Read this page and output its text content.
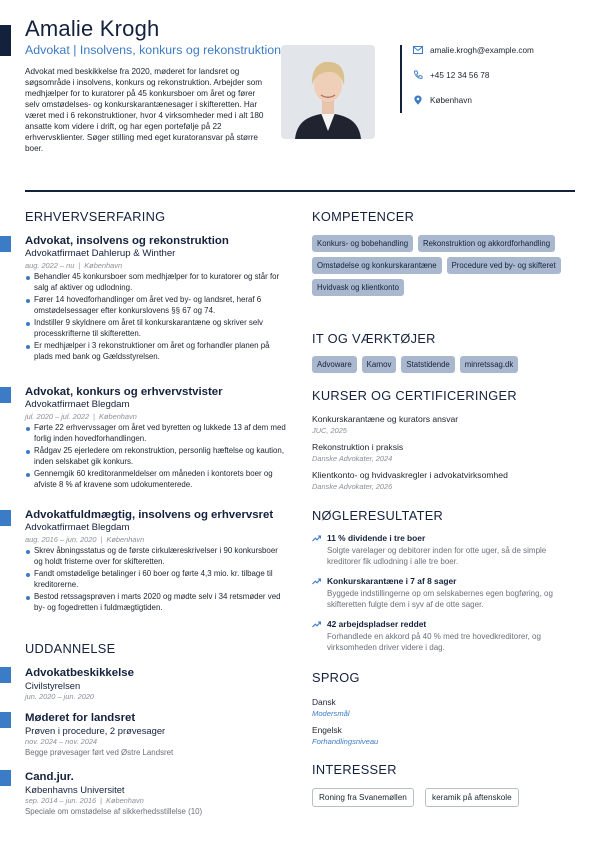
Amalie Krogh
Advokat | Insolvens, konkurs og rekonstruktion
Advokat med beskikkelse fra 2020, møderet for landsret og søgsområde i insolvens, konkurs og rekonstruktion. Arbejder som medhjælper for to kuratorer på 45 konkursboer om året og fører selv omstødelses- og konkurskarantænesager i skifteretten. Har været med i 6 rekonstruktioner, hvor 4 virksomheder med i alt 180 ansatte kom videre i drift, og har egen portefølje på 22 erhvervsklienter. Søger stilling med eget kuratoransvar på større boer.
amalie.krogh@example.com
+45 12 34 56 78
København
ERHVERVSERFARING
Advokat, insolvens og rekonstruktion
Advokatfirmaet Dahlerup & Winther
aug. 2022 – nu | København
Behandler 45 konkursboer som medhjælper for to kuratorer og står for salg af aktiver og udlodning.
Fører 14 hovedforhandlinger om året ved by- og landsret, heraf 6 omstødelsessager efter konkurslovens §§ 67 og 74.
Indstiller 9 skyldnere om året til konkurskarantæne og skriver selv processkrifterne til skifteretten.
Er medhjælper i 3 rekonstruktioner om året og forhandler planen på plads med bank og Gældsstyrelsen.
Advokat, konkurs og erhvervstvister
Advokatfirmaet Blegdam
jul. 2020 – jul. 2022 | København
Førte 22 erhvervssager om året ved byretten og lukkede 13 af dem med forlig inden hovedforhandlingen.
Rådgav 25 ejerledere om rekonstruktion, personlig hæftelse og kaution, inden selskabet gik konkurs.
Gennemgik 60 kreditoranmeldelser om måneden i kontorets boer og afviste 8 % af kravene som udokumenterede.
Advokatfuldmægtig, insolvens og erhvervsret
Advokatfirmaet Blegdam
aug. 2016 – jun. 2020 | København
Skrev åbningsstatus og de første cirkulæreskrivelser i 90 konkursboer og holdt fristerne over for skifteretten.
Fandt omstødelige betalinger i 60 boer og førte 4,3 mio. kr. tilbage til kreditorerne.
Bestod retssagsprøven i marts 2020 og mødte selv i 34 retsmøder ved by- og fogedretten i fuldmægtigtiden.
UDDANNELSE
Advokatbeskikkelse
Civilstyrelsen
jun. 2020 – jun. 2020
Møderet for landsret
Prøven i procedure, 2 prøvesager
nov. 2024 – nov. 2024
Begge prøvesager ført ved Østre Landsret
Cand.jur.
Københavns Universitet
sep. 2014 – jun. 2016 | København
Speciale om omstødelse af sikkerhedsstillelse (10)
KOMPETENCER
Konkurs- og bobehandling	Rekonstruktion og akkordforhandling
Omstødelse og konkurskarantæne	Procedure ved by- og skifteret
Hvidvask og klientkonto
IT OG VÆRKTØJER
Advoware	Karnov	Statstidende	minretssag.dk
KURSER OG CERTIFICERINGER
Konkurskarantæne og kurators ansvar
JUC, 2025
Rekonstruktion i praksis
Danske Advokater, 2024
Klientkonto- og hvidvaskregler i advokatvirksomhed
Danske Advokater, 2026
NØGLERESULTATER
11 % dividende i tre boer
Solgte varelager og debitorer inden for otte uger, så de simple kreditorer fik udlodning i alle tre boer.
Konkurskarantæne i 7 af 8 sager
Byggede indstillingerne op om selskabernes egen bogføring, og skifteretten fulgte dem i syv af de otte sager.
42 arbejdspladser reddet
Forhandlede en akkord på 40 % med tre hovedkreditorer, og virksomheden driver videre i dag.
SPROG
Dansk
Modersmål
Engelsk
Forhandlingsniveau
INTERESSER
Roning fra Svanemøllen	keramik på aftenskole
